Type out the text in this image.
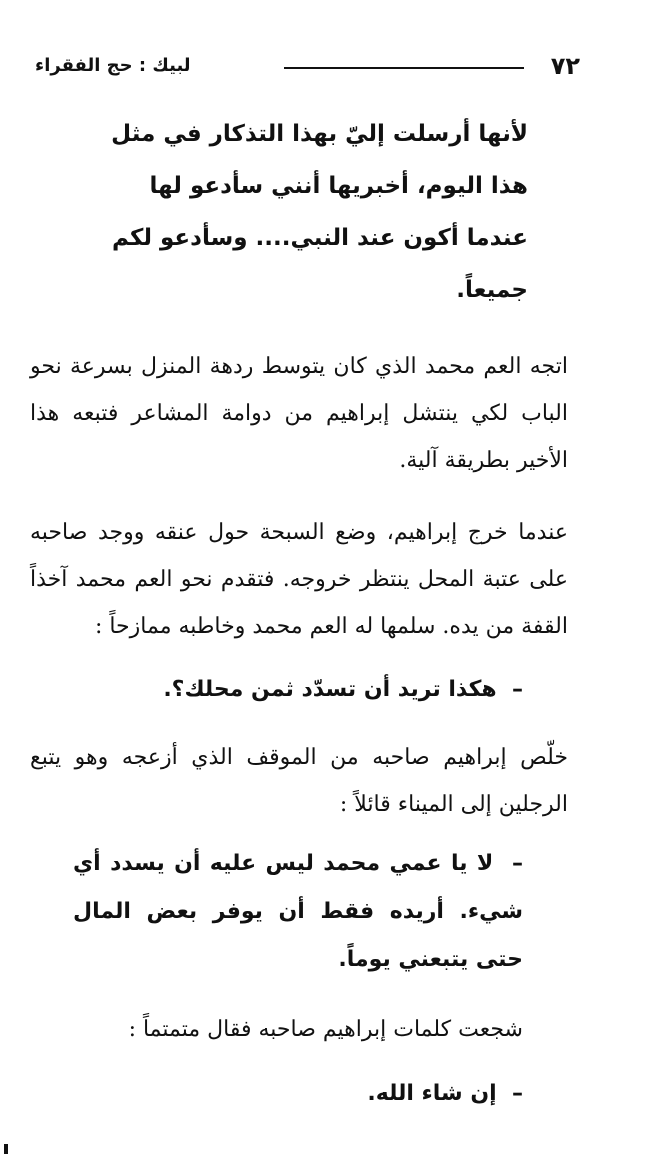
٧٢
لبيك : حج الفقراء

لأنها أرسلت إليّ بهذا التذكار في مثل هذا اليوم، أخبريها أنني سأدعو لها عندما أكون عند النبي.... وسأدعو لكم جميعاً.

اتجه العم محمد الذي كان يتوسط ردهة المنزل بسرعة نحو الباب لكي ينتشل إبراهيم من دوامة المشاعر فتبعه هذا الأخير بطريقة آلية.

عندما خرج إبراهيم، وضع السبحة حول عنقه ووجد صاحبه على عتبة المحل ينتظر خروجه. فتقدم نحو العم محمد آخذاً القفة من يده. سلمها له العم محمد وخاطبه ممازحاً :

–  هكذا تريد أن تسدّد ثمن محلك؟.

خلّص إبراهيم صاحبه من الموقف الذي أزعجه وهو يتبع الرجلين إلى الميناء قائلاً :

–  لا يا عمي محمد ليس عليه أن يسدد أي شيء. أريده فقط أن يوفر بعض المال حتى يتبعني يوماً.

شجعت كلمات إبراهيم صاحبه فقال متمتماً :

–  إن شاء الله.
